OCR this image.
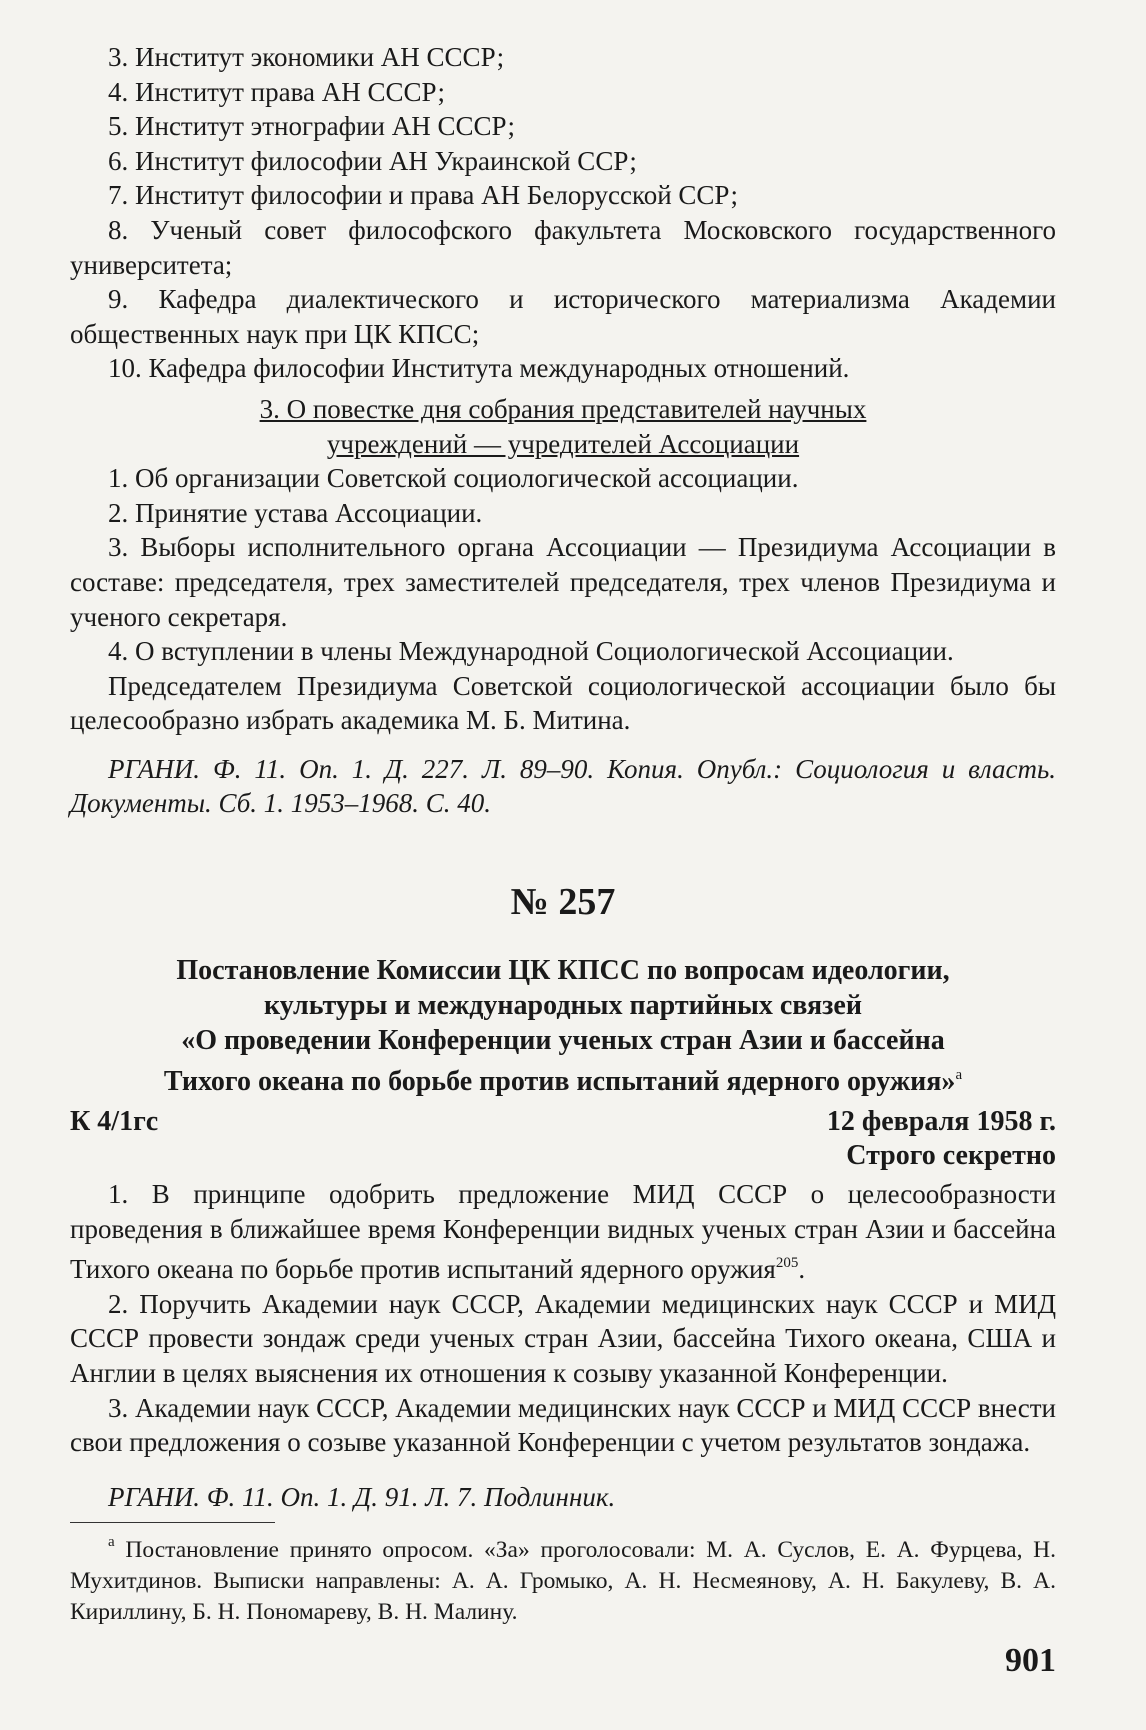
3. Институт экономики АН СССР;

4. Институт права АН СССР;

5. Институт этнографии АН СССР;

6. Институт философии АН Украинской ССР;

7. Институт философии и права АН Белорусской ССР;

8. Ученый совет философского факультета Московского государственного университета;

9. Кафедра диалектического и исторического материализма Академии общественных наук при ЦК КПСС;

10. Кафедра философии Института международных отношений.

3. О повестке дня собрания представителей научных

учреждений — учредителей Ассоциации

1. Об организации Советской социологической ассоциации.

2. Принятие устава Ассоциации.

3. Выборы исполнительного органа Ассоциации — Президиума Ассоциации в составе: председателя, трех заместителей председателя, трех членов Президиума и ученого секретаря.

4. О вступлении в члены Международной Социологической Ассоциации.

Председателем Президиума Советской социологической ассоциации было бы целесообразно избрать академика М. Б. Митина.

РГАНИ. Ф. 11. Оп. 1. Д. 227. Л. 89–90. Копия. Опубл.: Социология и власть. Документы. Сб. 1. 1953–1968. С. 40.

№ 257
Постановление Комиссии ЦК КПСС по вопросам идеологии,
культуры и международных партийных связей
«О проведении Конференции ученых стран Азии и бассейна
Тихого океана по борьбе против испытаний ядерного оружия»$^а$
К 4/1гс	12 февраля 1958 г.
Строго секретно

1. В принципе одобрить предложение МИД СССР о целесообразности проведения в ближайшее время Конференции видных ученых стран Азии и бассейна Тихого океана по борьбе против испытаний ядерного оружия$^{205}$.

2. Поручить Академии наук СССР, Академии медицинских наук СССР и МИД СССР провести зондаж среди ученых стран Азии, бассейна Тихого океана, США и Англии в целях выяснения их отношения к созыву указанной Конференции.

3. Академии наук СССР, Академии медицинских наук СССР и МИД СССР внести свои предложения о созыве указанной Конференции с учетом результатов зондажа.

РГАНИ. Ф. 11. Оп. 1. Д. 91. Л. 7. Подлинник.

$^а$ Постановление принято опросом. «За» проголосовали: М. А. Суслов, Е. А. Фурцева, Н. Мухитдинов. Выписки направлены: А. А. Громыко, А. Н. Несмеянову, А. Н. Бакулеву, В. А. Кириллину, Б. Н. Пономареву, В. Н. Малину.

901
